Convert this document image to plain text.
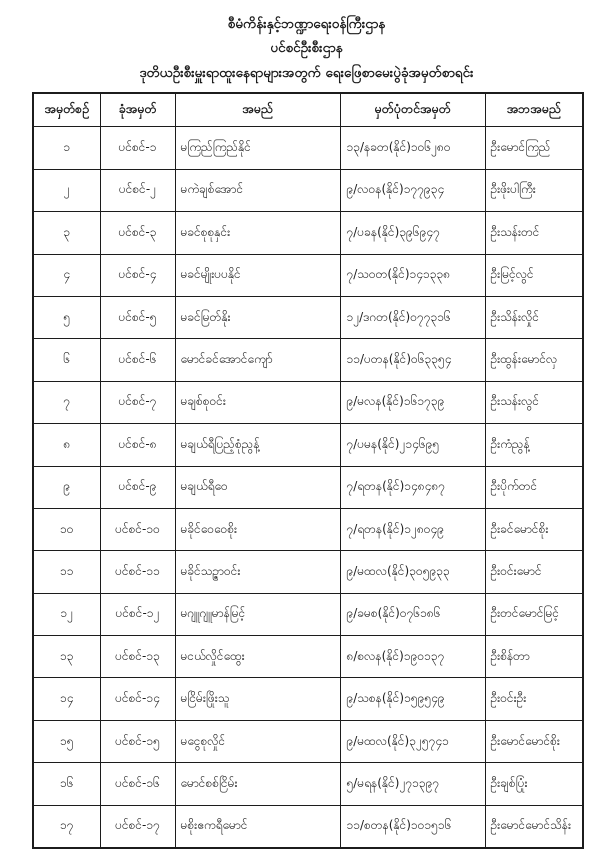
စီမံကိန်းနှင့်ဘဏ္ဍာရေးဝန်ကြီးဌာန
ပင်စင်ဦးစီးဌာန
ဒုတိယဦးစီးမှူးရာထူးနေရာများအတွက် ရေးဖြေစာမေးပွဲခုံအမှတ်စာရင်း
အမှတ်စဉ်	ခုံအမှတ်	အမည်	မှတ်ပုံတင်အမှတ်	အဘအမည်
၁	ပင်စင်-၁	မကြည်ကြည်နိုင်	၁၃/နခတ(နိုင်)၁၀၆၂၈၀	ဦးမောင်ကြည်
၂	ပင်စင်-၂	မကဲချစ်အောင်	၉/လဝန(နိုင်)၁၇၇၉၃၄	ဦးဖိုးပါကြီး
၃	ပင်စင်-၃	မခင်စုစုနှင်း	၇/ပခန(နိုင်)၃၉၆၉၄၇	ဦးသန်းတင်
၄	ပင်စင်-၄	မခင်မျိုးပပနိုင်	၇/သဝတ(နိုင်)၁၄၁၃၃၈	ဦးမြင့်လွင်
၅	ပင်စင်-၅	မခင်မြတ်နိုး	၁၂/ဒဂတ(နိုင်)၀၇၇၃၁၆	ဦးသိန်းလှိုင်
၆	ပင်စင်-၆	မောင်ခင်အောင်ကျော်	၁၁/ပတန(နိုင်)၀၆၃၃၅၄	ဦးထွန်းမောင်လှ
၇	ပင်စင်-၇	မချစ်စုဝင်း	၉/မလန(နိုင်)၁၆၁၇၃၉	ဦးသန်းလွင်
၈	ပင်စင်-၈	မချယ်ရီပြည့်စုံညွန့်	၇/ပမန(နိုင်)၂၁၄၆၉၅	ဦးကံညွန့်
၉	ပင်စင်-၉	မချယ်ရီဝေ	၇/ရတန(နိုင်)၁၄၈၄၈၇	ဦးပိုက်တင်
၁၀	ပင်စင်-၁၀	မခိုင်ဝေဝေစိုး	၇/ရတန(နိုင်)၁၂၈၀၄၉	ဦးခင်မောင်စိုး
၁၁	ပင်စင်-၁၁	မခိုင်သဉ္ဇာဝင်း	၉/မထလ(နိုင်)၃၀၅၉၃၃	ဦးဝင်းမောင်
၁၂	ပင်စင်-၁၂	မဂျူဂျူမာန်မြင့်	၉/ခမစ(နိုင်)၀၇၆၁၈၆	ဦးတင်မောင်မြင့်
၁၃	ပင်စင်-၁၃	မငယ်လှိုင်ထွေး	၈/စလန(နိုင်)၁၉၀၁၃၇	ဦးစိန်တာ
၁၄	ပင်စင်-၁၄	မငြိမ်းဖြိုးသူ	၉/သစန(နိုင်)၁၅၉၅၄၉	ဦးဝင်းဦး
၁၅	ပင်စင်-၁၅	မငွေစုလှိုင်	၉/မထလ(နိုင်)၃၂၅၇၄၁	ဦးမောင်မောင်စိုး
၁၆	ပင်စင်-၁၆	မောင်စစ်ငြိမ်း	၅/မရန(နိုင်)၂၇၁၃၉၇	ဦးချစ်ပြုံး
၁၇	ပင်စင်-၁၇	မစိုးဧကရီမောင်	၁၁/စတန(နိုင်)၁၀၁၅၁၆	ဦးမောင်မောင်သိန်း
